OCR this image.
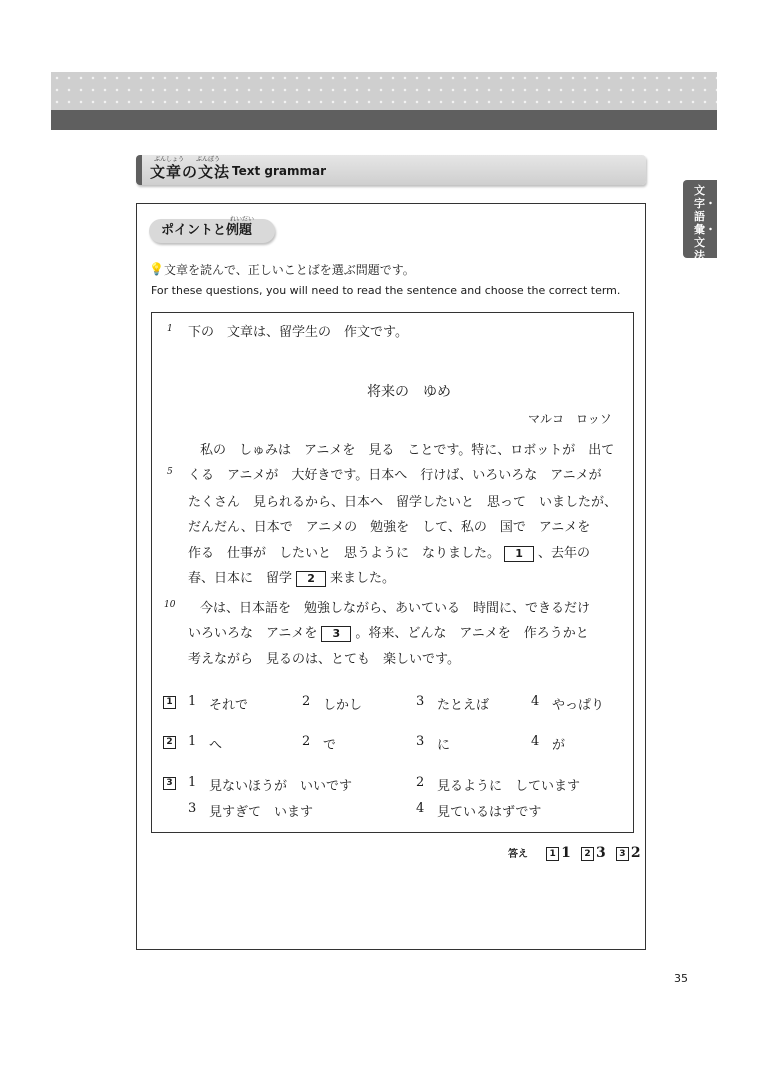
ぶんしょう ぶんぽう
文章の文法 Text grammar
文字・語彙・文法
ポイントと例題
れいだい
💡 文章を読んで、正しいことばを選ぶ問題です。
For these questions, you will need to read the sentence and choose the correct term.
1 下の　文章は、留学生の　作文です。
将来の　ゆめ
マルコ　ロッソ
私の　しゅみは　アニメを　見る　ことです。特に、ロボットが　出て
5 くる　アニメが　大好きです。日本へ　行けば、いろいろな　アニメが
たくさん　見られるから、日本へ　留学したいと　思って　いましたが、
だんだん、日本で　アニメの　勉強を　して、私の　国で　アニメを
作る　仕事が　したいと　思うように　なりました。 1 、去年の
春、日本に　留学 2 来ました。
10 今は、日本語を　勉強しながら、あいている　時間に、できるだけ
いろいろな　アニメを 3 。将来、どんな　アニメを　作ろうかと
考えながら　見るのは、とても　楽しいです。
1 1 それで	2 しかし	3 たとえば	4 やっぱり
2 1 へ	2 で	3 に	4 が
3 1 見ないほうが　いいです	2 見るように　しています
3 見すぎて　います	4 見ているはずです
答え 1 1 2 3 3 2
35
